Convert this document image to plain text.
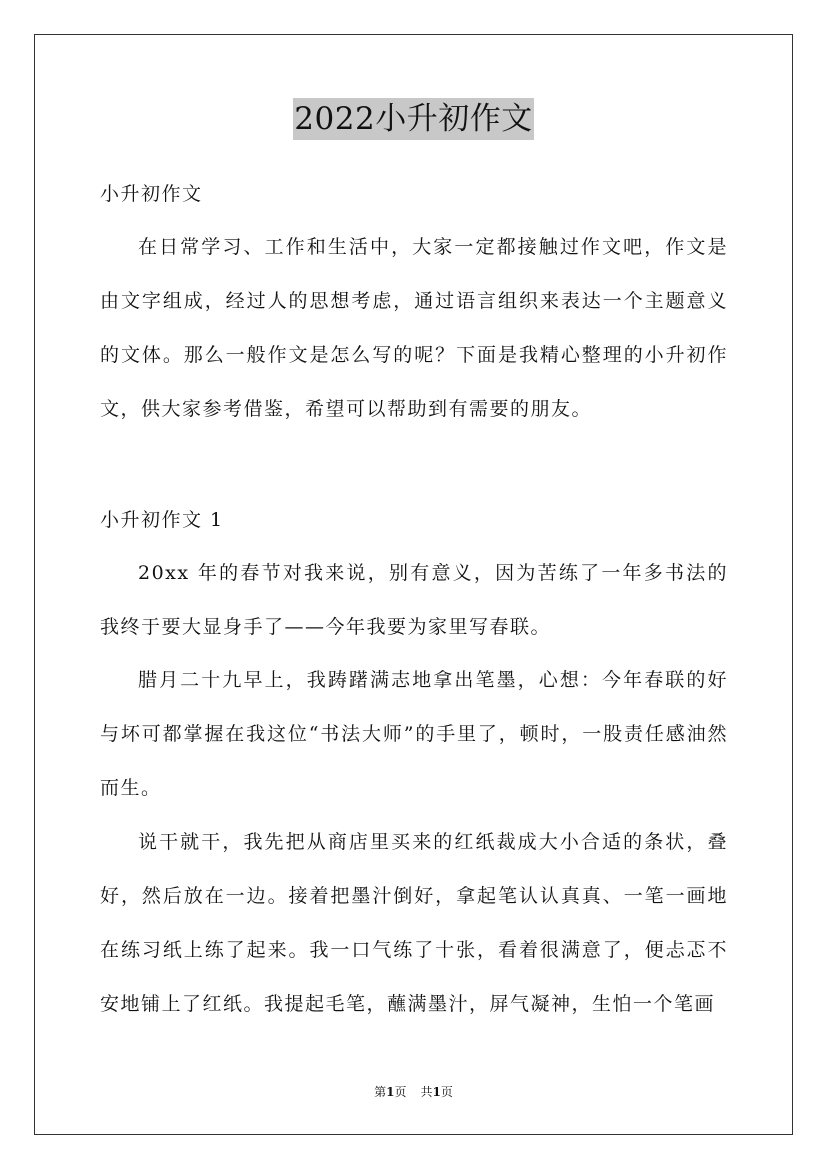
2022小升初作文
小升初作文
在日常学习、工作和生活中，大家一定都接触过作文吧，作文是由文字组成，经过人的思想考虑，通过语言组织来表达一个主题意义的文体。那么一般作文是怎么写的呢？下面是我精心整理的小升初作文，供大家参考借鉴，希望可以帮助到有需要的朋友。
小升初作文 1
20xx 年的春节对我来说，别有意义，因为苦练了一年多书法的我终于要大显身手了——今年我要为家里写春联。
腊月二十九早上，我踌躇满志地拿出笔墨，心想：今年春联的好与坏可都掌握在我这位“书法大师”的手里了，顿时，一股责任感油然而生。
说干就干，我先把从商店里买来的红纸裁成大小合适的条状，叠好，然后放在一边。接着把墨汁倒好，拿起笔认认真真、一笔一画地在练习纸上练了起来。我一口气练了十张，看着很满意了，便忐忑不安地铺上了红纸。我提起毛笔，蘸满墨汁，屏气凝神，生怕一个笔画
第1页 共1页
